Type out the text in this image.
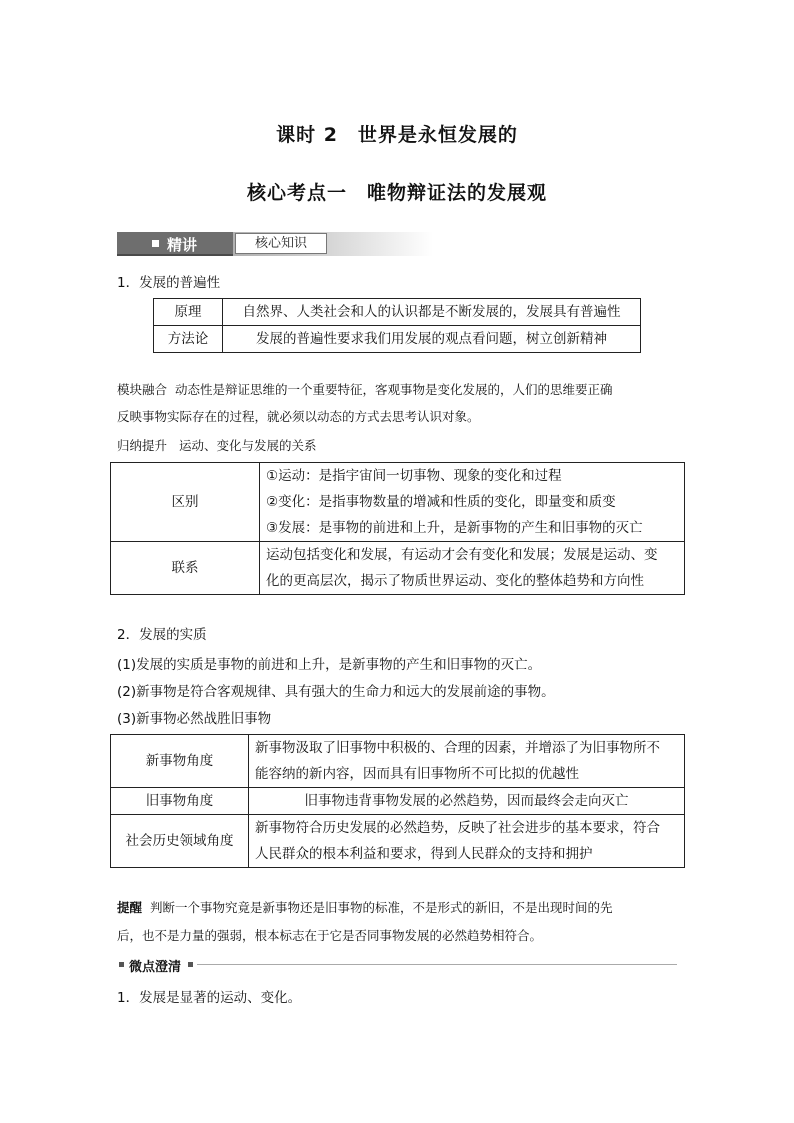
课时 2　世界是永恒发展的
核心考点一　唯物辩证法的发展观
精讲	核心知识
1．发展的普遍性
原理	自然界、人类社会和人的认识都是不断发展的，发展具有普遍性
方法论	发展的普遍性要求我们用发展的观点看问题，树立创新精神
模块融合 动态性是辩证思维的一个重要特征，客观事物是变化发展的，人们的思维要正确
反映事物实际存在的过程，就必须以动态的方式去思考认识对象。
归纳提升 运动、变化与发展的关系
区别	①运动：是指宇宙间一切事物、现象的变化和过程
②变化：是指事物数量的增减和性质的变化，即量变和质变
③发展：是事物的前进和上升，是新事物的产生和旧事物的灭亡

联系	运动包括变化和发展，有运动才会有变化和发展；发展是运动、变
化的更高层次，揭示了物质世界运动、变化的整体趋势和方向性
2．发展的实质
(1)发展的实质是事物的前进和上升，是新事物的产生和旧事物的灭亡。
(2)新事物是符合客观规律、具有强大的生命力和远大的发展前途的事物。
(3)新事物必然战胜旧事物
新事物角度	新事物汲取了旧事物中积极的、合理的因素，并增添了为旧事物所不
能容纳的新内容，因而具有旧事物所不可比拟的优越性

旧事物角度	旧事物违背事物发展的必然趋势，因而最终会走向灭亡
社会历史领域角度	新事物符合历史发展的必然趋势，反映了社会进步的基本要求，符合
人民群众的根本利益和要求，得到人民群众的支持和拥护
提醒 判断一个事物究竟是新事物还是旧事物的标准，不是形式的新旧，不是出现时间的先
后，也不是力量的强弱，根本标志在于它是否同事物发展的必然趋势相符合。
微点澄清
1．发展是显著的运动、变化。
